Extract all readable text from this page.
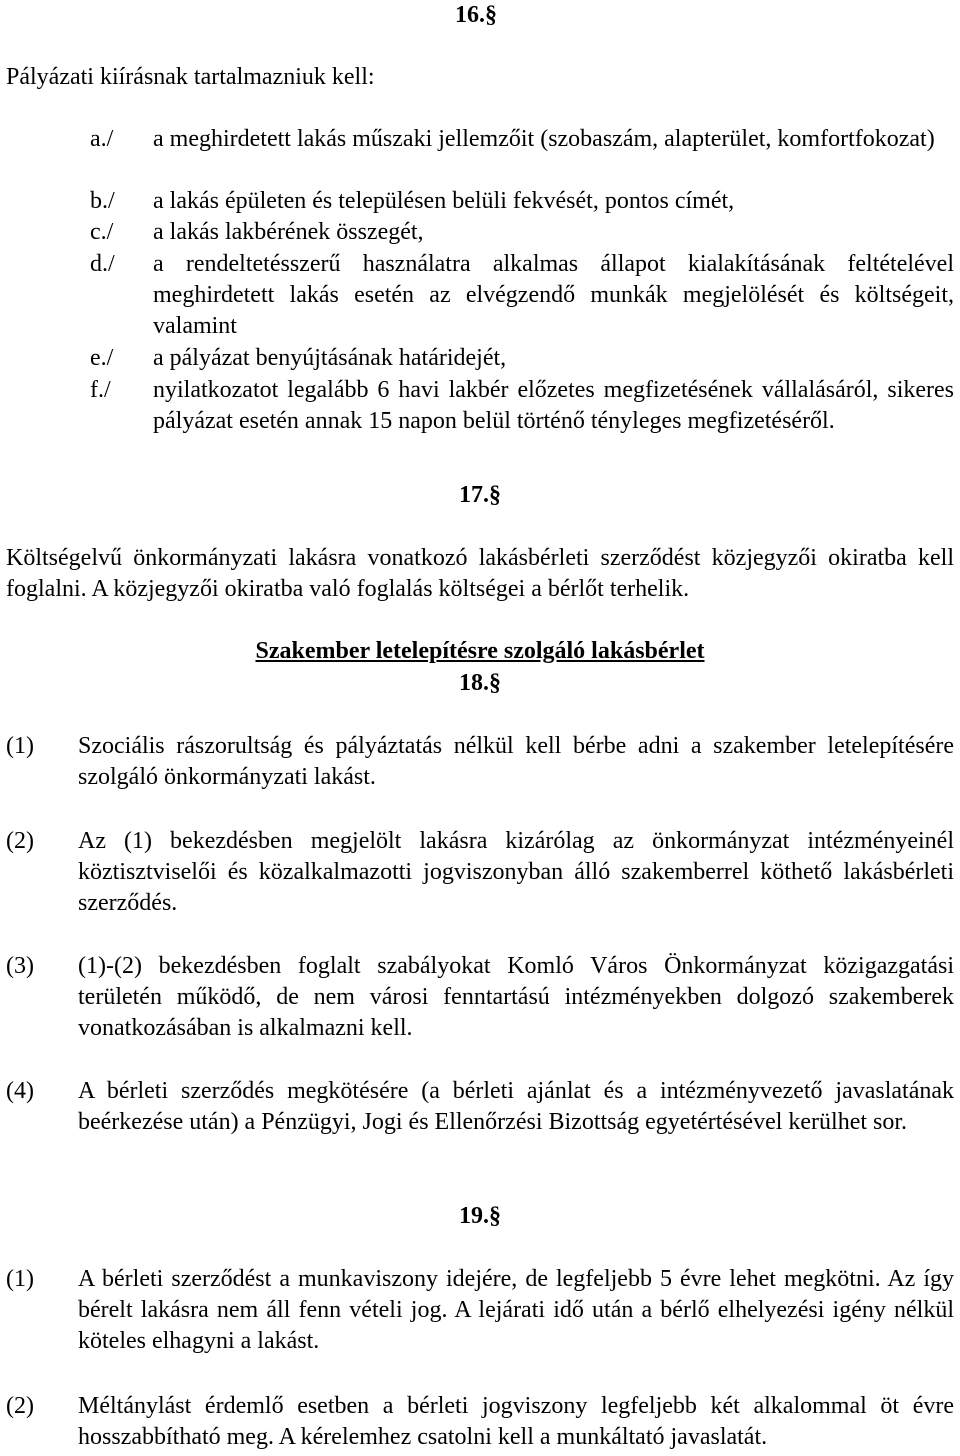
16.§
Pályázati kiírásnak tartalmazniuk kell:
a./	a meghirdetett lakás műszaki jellemzőit (szobaszám, alapterület, komfortfokozat)
b./	a lakás épületen és településen belüli fekvését, pontos címét,
c./	a lakás lakbérének összegét,
d./	a rendeltetésszerű használatra alkalmas állapot kialakításának feltételével meghirdetett lakás esetén az elvégzendő munkák megjelölését és költségeit, valamint
e./	a pályázat benyújtásának határidejét,
f./	nyilatkozatot legalább 6 havi lakbér előzetes megfizetésének vállalásáról, sikeres pályázat esetén annak 15 napon belül történő tényleges megfizetéséről.
17.§
Költségelvű önkormányzati lakásra vonatkozó lakásbérleti szerződést közjegyzői okiratba kell foglalni. A közjegyzői okiratba való foglalás költségei a bérlőt terhelik.
Szakember letelepítésre szolgáló lakásbérlet
18.§
(1)	Szociális rászorultság és pályáztatás nélkül kell bérbe adni a szakember letelepítésére szolgáló önkormányzati lakást.
(2)	Az (1) bekezdésben megjelölt lakásra kizárólag az önkormányzat intézményeinél köztisztviselői és közalkalmazotti jogviszonyban álló szakemberrel köthető lakásbérleti szerződés.
(3)	(1)-(2) bekezdésben foglalt szabályokat Komló Város Önkormányzat közigazgatási területén működő, de nem városi fenntartású intézményekben dolgozó szakemberek vonatkozásában is alkalmazni kell.
(4)	A bérleti szerződés megkötésére (a bérleti ajánlat és a intézményvezető javaslatának beérkezése után) a Pénzügyi, Jogi és Ellenőrzési Bizottság egyetértésével kerülhet sor.
19.§
(1)	A bérleti szerződést a munkaviszony idejére, de legfeljebb 5 évre lehet megkötni. Az így bérelt lakásra nem áll fenn vételi jog. A lejárati idő után a bérlő elhelyezési igény nélkül köteles elhagyni a lakást.
(2)	Méltánylást érdemlő esetben a bérleti jogviszony legfeljebb két alkalommal öt évre hosszabbítható meg. A kérelemhez csatolni kell a munkáltató javaslatát.
